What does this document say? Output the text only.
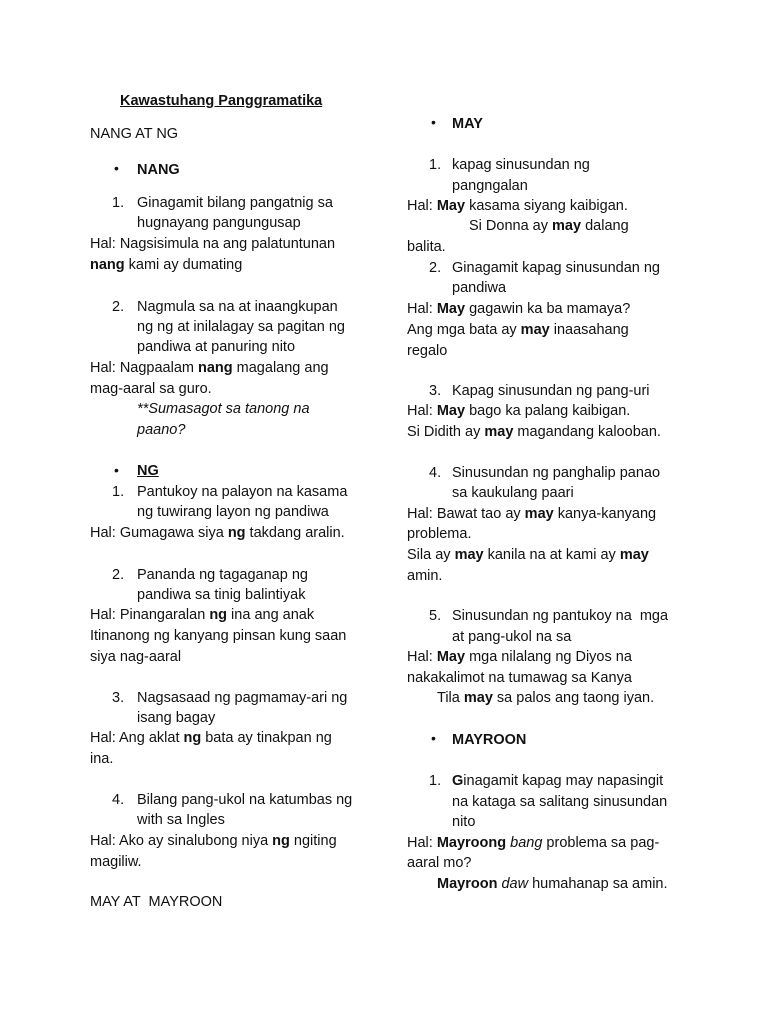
Kawastuhang Panggramatika
NANG AT NG
• NANG
1. Ginagamit bilang pangatnig sa
hugnayang pangungusap
Hal: Nagsisimula na ang palatuntunan
nang kami ay dumating
2. Nagmula sa na at inaangkupan
ng ng at inilalagay sa pagitan ng
pandiwa at panuring nito
Hal: Nagpaalam nang magalang ang
mag-aaral sa guro.
**Sumasagot sa tanong na
paano?
• NG
1. Pantukoy na palayon na kasama
ng tuwirang layon ng pandiwa
Hal: Gumagawa siya ng takdang aralin.
2. Pananda ng tagaganap ng
pandiwa sa tinig balintiyak
Hal: Pinangaralan ng ina ang anak
Itinanong ng kanyang pinsan kung saan
siya nag-aaral
3. Nagsasaad ng pagmamay-ari ng
isang bagay
Hal: Ang aklat ng bata ay tinakpan ng
ina.
4. Bilang pang-ukol na katumbas ng
with sa Ingles
Hal: Ako ay sinalubong niya ng ngiting
magiliw.
MAY AT  MAYROON
• MAY
1. kapag sinusundan ng
pangngalan
Hal: May kasama siyang kaibigan.
Si Donna ay may dalang
balita.
2. Ginagamit kapag sinusundan ng
pandiwa
Hal: May gagawin ka ba mamaya?
Ang mga bata ay may inaasahang
regalo
3. Kapag sinusundan ng pang-uri
Hal: May bago ka palang kaibigan.
Si Didith ay may magandang kalooban.
4. Sinusundan ng panghalip panao
sa kaukulang paari
Hal: Bawat tao ay may kanya-kanyang
problema.
Sila ay may kanila na at kami ay may
amin.
5. Sinusundan ng pantukoy na  mga
at pang-ukol na sa
Hal: May mga nilalang ng Diyos na
nakakalimot na tumawag sa Kanya
Tila may sa palos ang taong iyan.
• MAYROON
1. Ginagamit kapag may napasingit
na kataga sa salitang sinusundan
nito
Hal: Mayroong bang problema sa pag-
aaral mo?
Mayroon daw humahanap sa amin.
